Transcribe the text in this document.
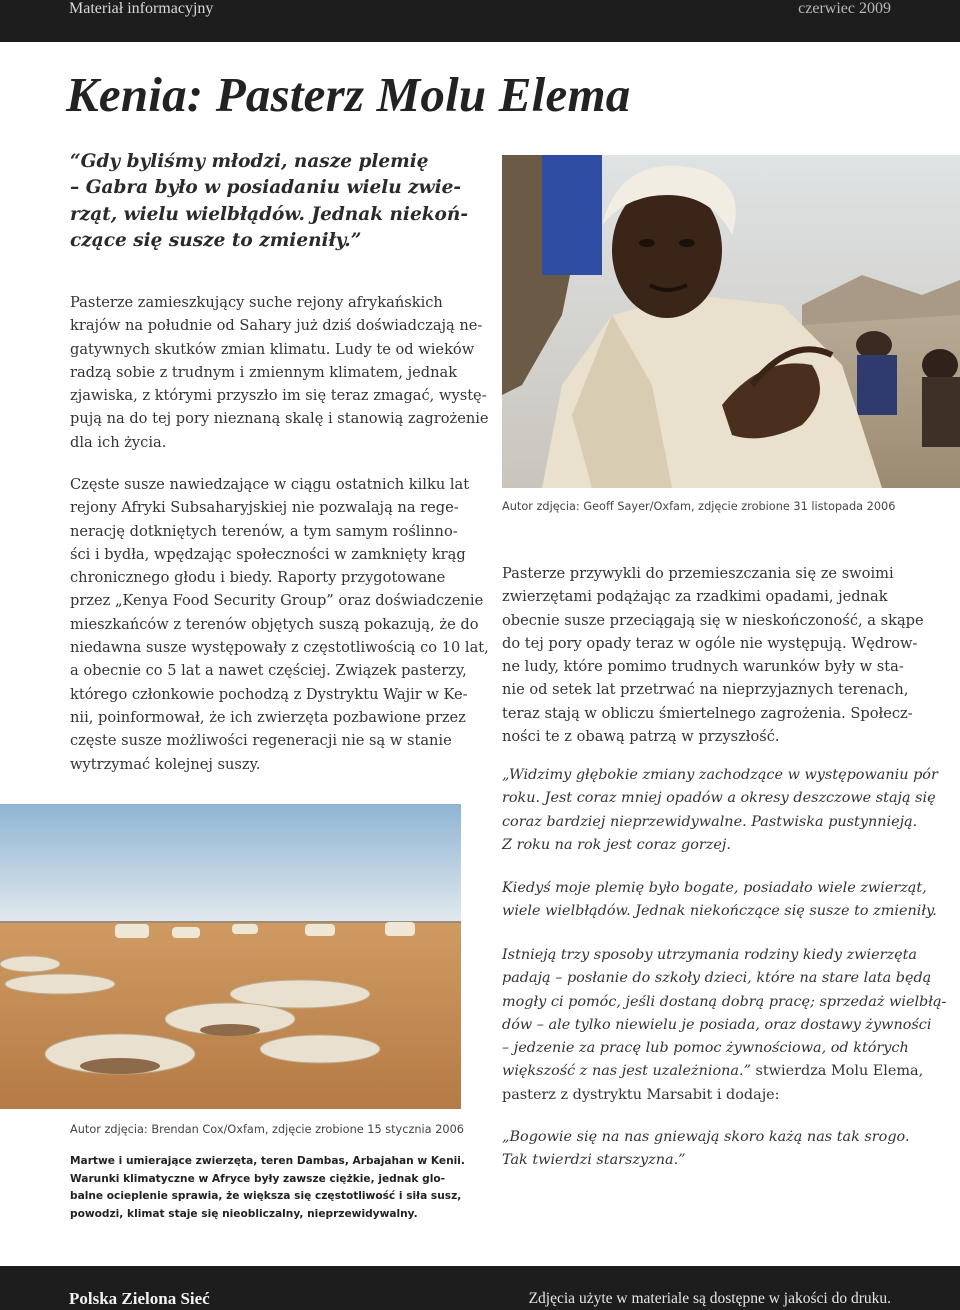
Materiał informacyjny	czerwiec 2009
Kenia: Pasterz Molu Elema
“Gdy byliśmy młodzi, nasze plemię
– Gabra było w posiadaniu wielu zwie-
rząt, wielu wielbłądów. Jednak niekoń-
czące się susze to zmieniły.”
Pasterze zamieszkujący suche rejony afrykańskich
krajów na południe od Sahary już dziś doświadczają ne-
gatywnych skutków zmian klimatu. Ludy te od wieków
radzą sobie z trudnym i zmiennym klimatem, jednak
zjawiska, z którymi przyszło im się teraz zmagać, wystę-
pują na do tej pory nieznaną skalę i stanowią zagrożenie
dla ich życia.
Częste susze nawiedzające w ciągu ostatnich kilku lat
rejony Afryki Subsaharyjskiej nie pozwalają na rege-
nerację dotkniętych terenów, a tym samym roślinno-
ści i bydła, wpędzając społeczności w zamknięty krąg
chronicznego głodu i biedy. Raporty przygotowane
przez „Kenya Food Security Group” oraz doświadczenie
mieszkańców z terenów objętych suszą pokazują, że do
niedawna susze występowały z częstotliwością co 10 lat,
a obecnie co 5 lat a nawet częściej. Związek pasterzy,
którego członkowie pochodzą z Dystryktu Wajir w Ke-
nii, poinformował, że ich zwierzęta pozbawione przez
częste susze możliwości regeneracji nie są w stanie
wytrzymać kolejnej suszy.
Autor zdjęcia: Geoff Sayer/Oxfam, zdjęcie zrobione 31 listopada 2006
Pasterze przywykli do przemieszczania się ze swoimi
zwierzętami podążając za rzadkimi opadami, jednak
obecnie susze przeciągają się w nieskończoność, a skąpe
do tej pory opady teraz w ogóle nie występują. Wędrow-
ne ludy, które pomimo trudnych warunków były w sta-
nie od setek lat przetrwać na nieprzyjaznych terenach,
teraz stają w obliczu śmiertelnego zagrożenia. Społecz-
ności te z obawą patrzą w przyszłość.
„Widzimy głębokie zmiany zachodzące w występowaniu pór
roku. Jest coraz mniej opadów a okresy deszczowe stają się
coraz bardziej nieprzewidywalne. Pastwiska pustynnieją.
Z roku na rok jest coraz gorzej.
Kiedyś moje plemię było bogate, posiadało wiele zwierząt,
wiele wielbłądów. Jednak niekończące się susze to zmieniły.
Istnieją trzy sposoby utrzymania rodziny kiedy zwierzęta
padają – posłanie do szkoły dzieci, które na stare lata będą
mogły ci pomóc, jeśli dostaną dobrą pracę; sprzedaż wielbłą-
dów – ale tylko niewielu je posiada, oraz dostawy żywności
– jedzenie za pracę lub pomoc żywnościowa, od których
większość z nas jest uzależniona.” stwierdza Molu Elema,
pasterz z dystryktu Marsabit i dodaje:
„Bogowie się na nas gniewają skoro każą nas tak srogo.
Tak twierdzi starszyzna.”
Autor zdjęcia: Brendan Cox/Oxfam, zdjęcie zrobione 15 stycznia 2006
Martwe i umierające zwierzęta, teren Dambas, Arbajahan w Kenii.
Warunki klimatyczne w Afryce były zawsze ciężkie, jednak glo-
balne ocieplenie sprawia, że większa się częstotliwość i siła susz,
powodzi, klimat staje się nieobliczalny, nieprzewidywalny.
Polska Zielona Sieć	Zdjęcia użyte w materiale są dostępne w jakości do druku.
